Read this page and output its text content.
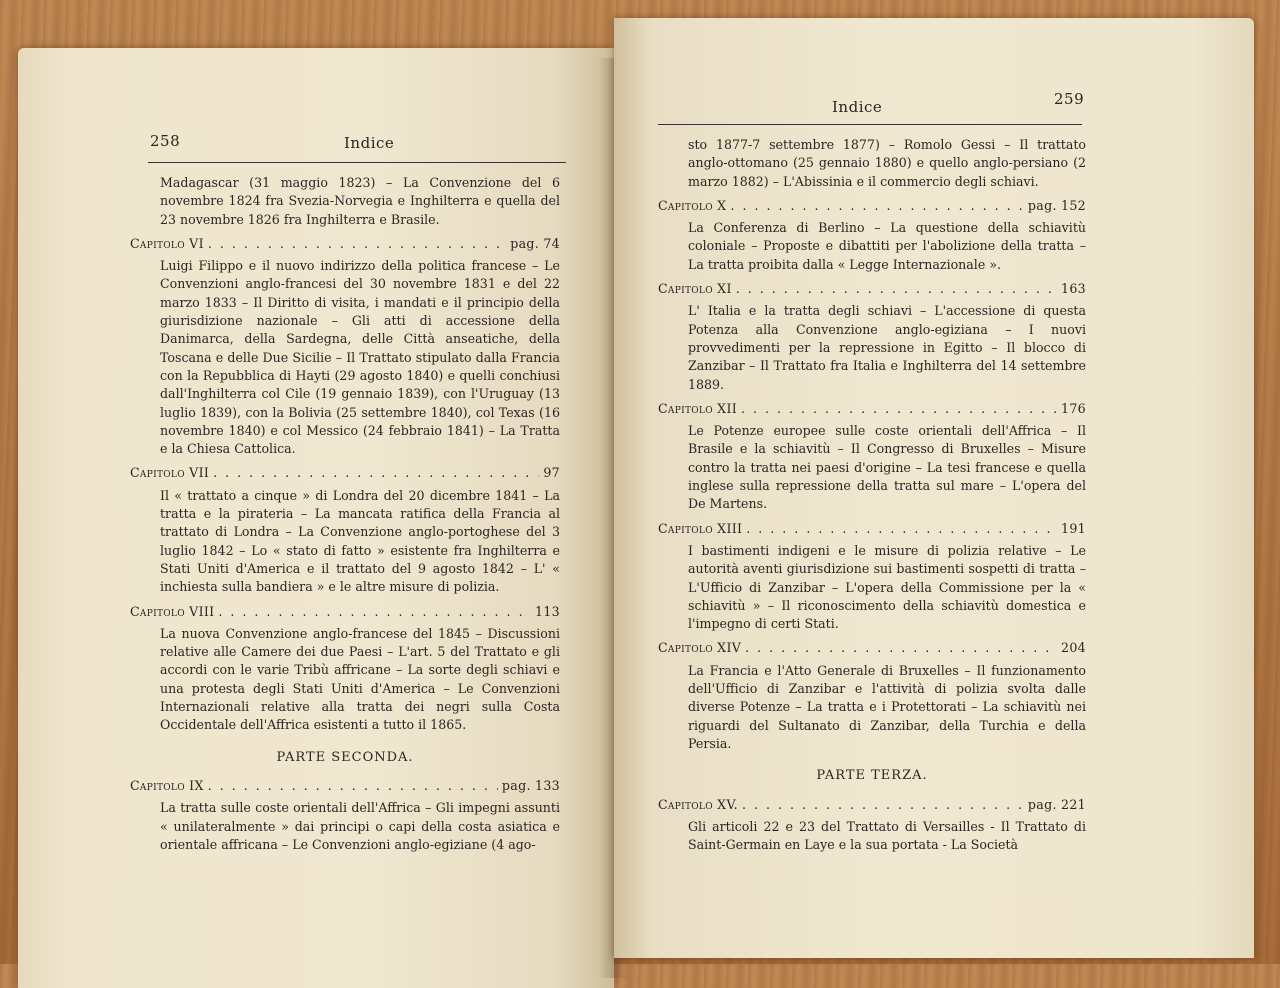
258	Indice

Madagascar (31 maggio 1823) – La Convenzione del 6 novembre 1824 fra Svezia-Norvegia e Inghilterra e quella del 23 novembre 1826 fra Inghilterra e Brasile.

Capitolo VI . . .	pag. 74

Luigi Filippo e il nuovo indirizzo della politica francese – Le Convenzioni anglo-francesi del 30 novembre 1831 e del 22 marzo 1833 – Il Diritto di visita, i mandati e il principio della giurisdizione nazionale – Gli atti di accessione della Danimarca, della Sardegna, delle Città anseatiche, della Toscana e delle Due Sicilie – Il Trattato stipulato dalla Francia con la Repubblica di Hayti (29 agosto 1840) e quelli conchiusi dall'Inghilterra col Cile (19 gennaio 1839), con l'Uruguay (13 luglio 1839), con la Bolivia (25 settembre 1840), col Texas (16 novembre 1840) e col Messico (24 febbraio 1841) – La Tratta e la Chiesa Cattolica.

Capitolo VII . . .	97

Il « trattato a cinque » di Londra del 20 dicembre 1841 – La tratta e la pirateria – La mancata ratifica della Francia al trattato di Londra – La Convenzione anglo-portoghese del 3 luglio 1842 – Lo « stato di fatto » esistente fra Inghilterra e Stati Uniti d'America e il trattato del 9 agosto 1842 – L' « inchiesta sulla bandiera » e le altre misure di polizia.

Capitolo VIII . . .	113

La nuova Convenzione anglo-francese del 1845 – Discussioni relative alle Camere dei due Paesi – L'art. 5 del Trattato e gli accordi con le varie Tribù affricane – La sorte degli schiavi e una protesta degli Stati Uniti d'America – Le Convenzioni Internazionali relative alla tratta dei negri sulla Costa Occidentale dell'Affrica esistenti a tutto il 1865.

PARTE SECONDA.
Capitolo IX . . .	pag. 133

La tratta sulle coste orientali dell'Affrica – Gli impegni assunti « unilateralmente » dai principi o capi della costa asiatica e orientale affricana – Le Convenzioni anglo-egiziane (4 ago-

Indice	259

sto 1877-7 settembre 1877) – Romolo Gessi – Il trattato anglo-ottomano (25 gennaio 1880) e quello anglo-persiano (2 marzo 1882) – L'Abissinia e il commercio degli schiavi.

Capitolo X . . .	pag. 152

La Conferenza di Berlino – La questione della schiavitù coloniale – Proposte e dibattiti per l'abolizione della tratta – La tratta proibita dalla « Legge Internazionale ».

Capitolo XI . . .	163

L' Italia e la tratta degli schiavi – L'accessione di questa Potenza alla Convenzione anglo-egiziana – I nuovi provvedimenti per la repressione in Egitto – Il blocco di Zanzibar – Il Trattato fra Italia e Inghilterra del 14 settembre 1889.

Capitolo XII . . .	176

Le Potenze europee sulle coste orientali dell'Affrica – Il Brasile e la schiavitù – Il Congresso di Bruxelles – Misure contro la tratta nei paesi d'origine – La tesi francese e quella inglese sulla repressione della tratta sul mare – L'opera del De Martens.

Capitolo XIII . . .	191

I bastimenti indigeni e le misure di polizia relative – Le autorità aventi giurisdizione sui bastimenti sospetti di tratta – L'Ufficio di Zanzibar – L'opera della Commissione per la « schiavitù » – Il riconoscimento della schiavitù domestica e l'impegno di certi Stati.

Capitolo XIV . . .	204

La Francia e l'Atto Generale di Bruxelles – Il funzionamento dell'Ufficio di Zanzibar e l'attività di polizia svolta dalle diverse Potenze – La tratta e i Protettorati – La schiavitù nei riguardi del Sultanato di Zanzibar, della Turchia e della Persia.

PARTE TERZA.
Capitolo XV. . . .	pag. 221

Gli articoli 22 e 23 del Trattato di Versailles - Il Trattato di Saint-Germain en Laye e la sua portata - La Società
